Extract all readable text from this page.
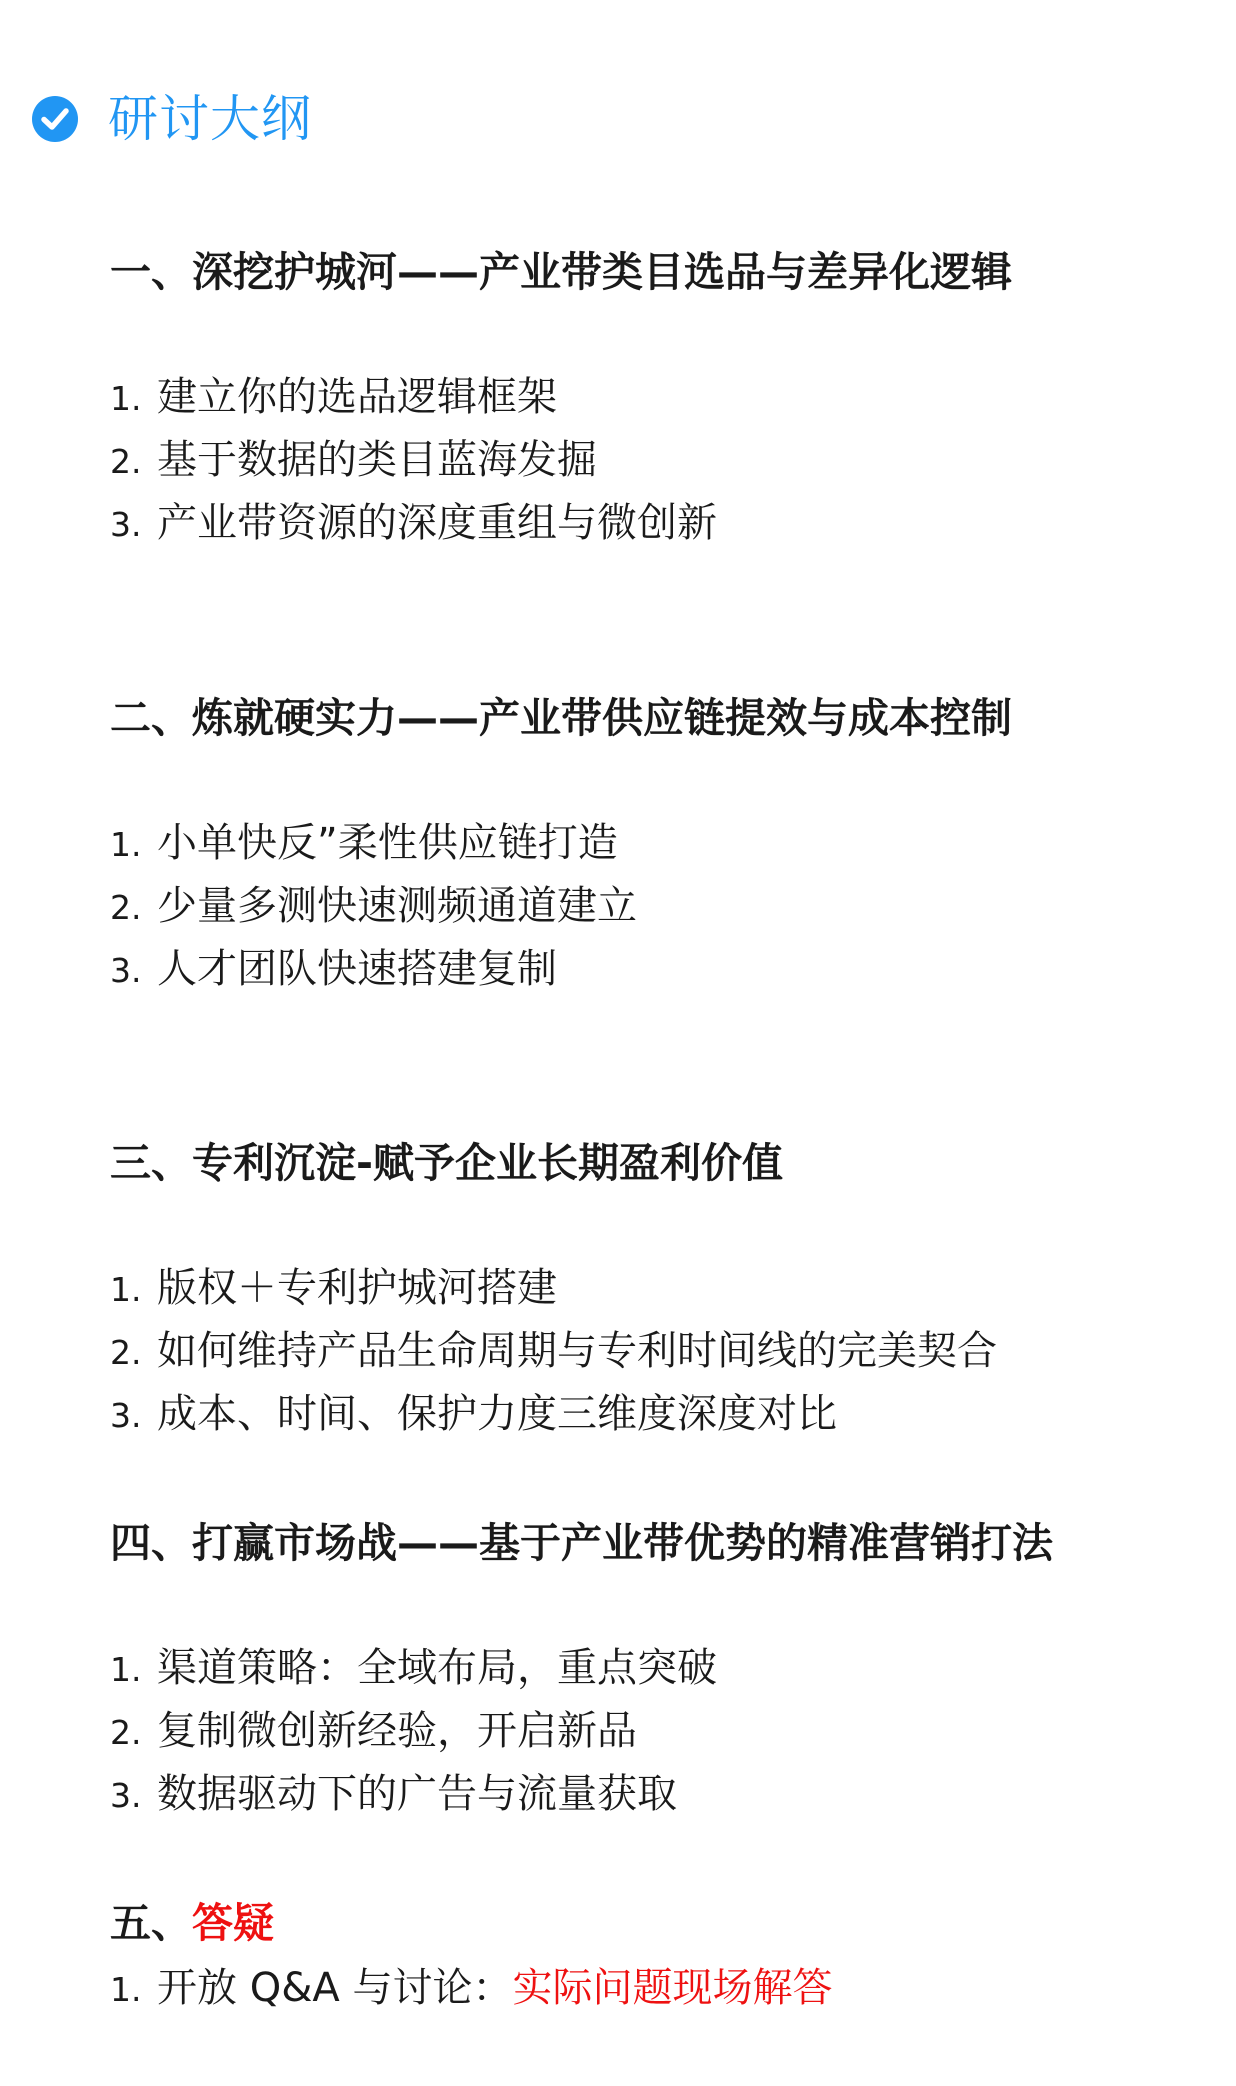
研讨大纲
一、深挖护城河——产业带类目选品与差异化逻辑
1. 建立你的选品逻辑框架
2. 基于数据的类目蓝海发掘
3. 产业带资源的深度重组与微创新
二、炼就硬实力——产业带供应链提效与成本控制
1. 小单快反”柔性供应链打造
2. 少量多测快速测频通道建立
3. 人才团队快速搭建复制
三、专利沉淀-赋予企业长期盈利价值
1. 版权＋专利护城河搭建
2. 如何维持产品生命周期与专利时间线的完美契合
3. 成本、时间、保护力度三维度深度对比
四、打赢市场战——基于产业带优势的精准营销打法
1. 渠道策略：全域布局，重点突破
2. 复制微创新经验，开启新品
3. 数据驱动下的广告与流量获取
五、答疑
1. 开放 Q&A 与讨论：实际问题现场解答
